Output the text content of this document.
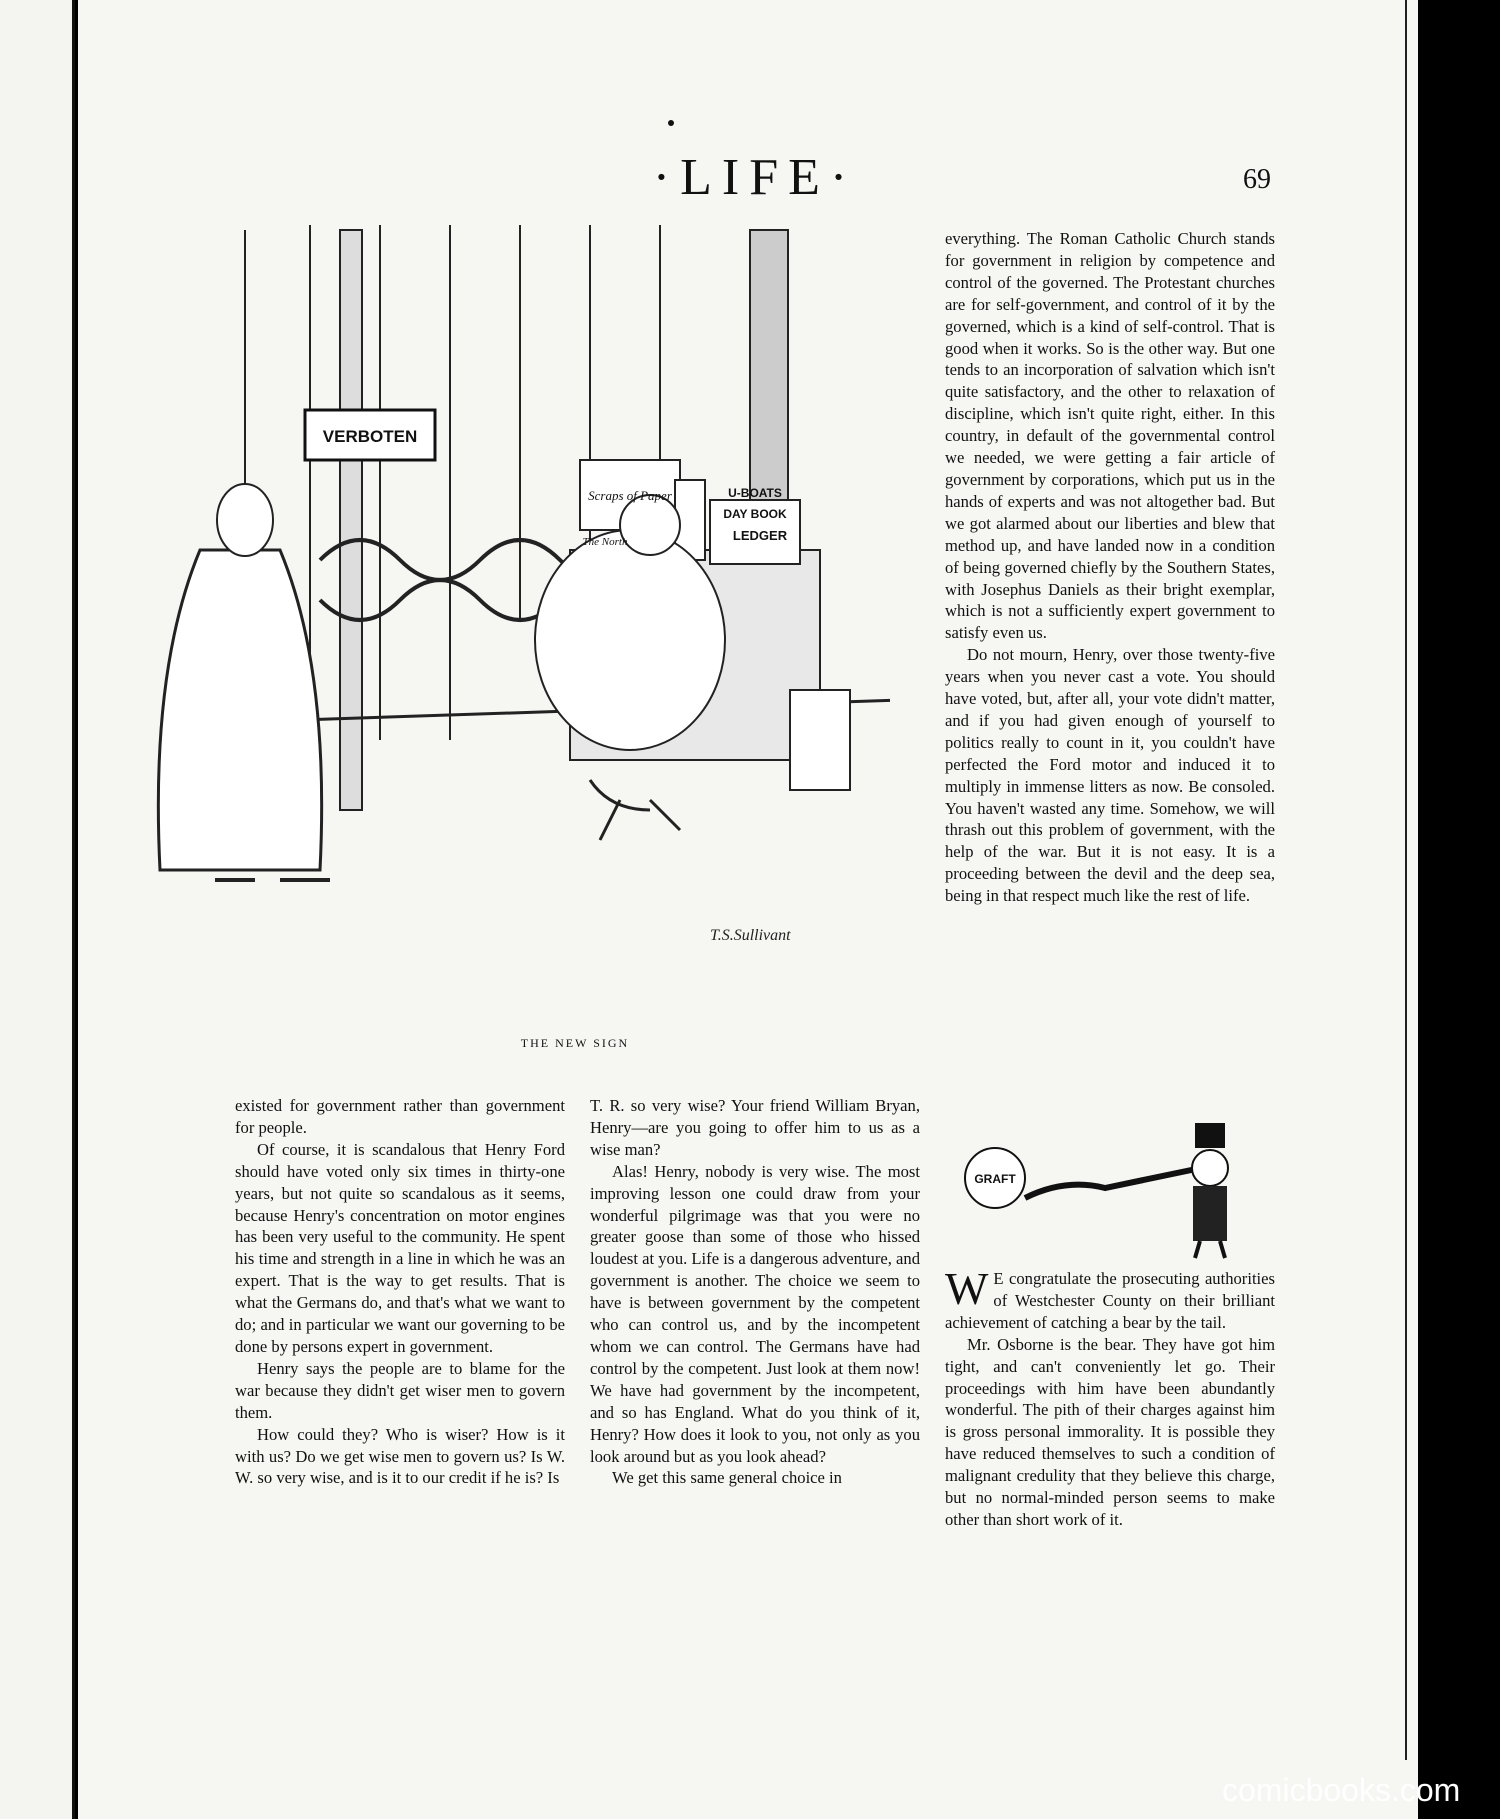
·LIFE·	69
VERBOTEN
Scraps of Paper
The North
U-BOATS
DAY BOOK
LEDGER
T.S.Sullivant
THE NEW SIGN
GRAFT

existed for government rather than government for people.

Of course, it is scandalous that Henry Ford should have voted only six times in thirty-one years, but not quite so scandalous as it seems, because Henry's concentration on motor engines has been very useful to the community. He spent his time and strength in a line in which he was an expert. That is the way to get results. That is what the Germans do, and that's what we want to do; and in particular we want our governing to be done by persons expert in government.

Henry says the people are to blame for the war because they didn't get wiser men to govern them.

How could they? Who is wiser? How is it with us? Do we get wise men to govern us? Is W. W. so very wise, and is it to our credit if he is? Is

T. R. so very wise? Your friend William Bryan, Henry—are you going to offer him to us as a wise man?

Alas! Henry, nobody is very wise. The most improving lesson one could draw from your wonderful pilgrimage was that you were no greater goose than some of those who hissed loudest at you. Life is a dangerous adventure, and government is another. The choice we seem to have is between government by the competent who can control us, and by the incompetent whom we can control. The Germans have had control by the competent. Just look at them now! We have had government by the incompetent, and so has England. What do you think of it, Henry? How does it look to you, not only as you look around but as you look ahead?

We get this same general choice in

everything. The Roman Catholic Church stands for government in religion by competence and control of the governed. The Protestant churches are for self-government, and control of it by the governed, which is a kind of self-control. That is good when it works. So is the other way. But one tends to an incorporation of salvation which isn't quite satisfactory, and the other to relaxation of discipline, which isn't quite right, either. In this country, in default of the governmental control we needed, we were getting a fair article of government by corporations, which put us in the hands of experts and was not altogether bad. But we got alarmed about our liberties and blew that method up, and have landed now in a condition of being governed chiefly by the Southern States, with Josephus Daniels as their bright exemplar, which is not a sufficiently expert government to satisfy even us.

Do not mourn, Henry, over those twenty-five years when you never cast a vote. You should have voted, but, after all, your vote didn't matter, and if you had given enough of yourself to politics really to count in it, you couldn't have perfected the Ford motor and induced it to multiply in immense litters as now. Be consoled. You haven't wasted any time. Somehow, we will thrash out this problem of government, with the help of the war. But it is not easy. It is a proceeding between the devil and the deep sea, being in that respect much like the rest of life.

W E congratulate the prosecuting authorities of Westchester County on their brilliant achievement of catching a bear by the tail.

Mr. Osborne is the bear. They have got him tight, and can't conveniently let go. Their proceedings with him have been abundantly wonderful. The pith of their charges against him is gross personal immorality. It is possible they have reduced themselves to such a condition of malignant credulity that they believe this charge, but no normal-minded person seems to make other than short work of it.

comicbooks.com
